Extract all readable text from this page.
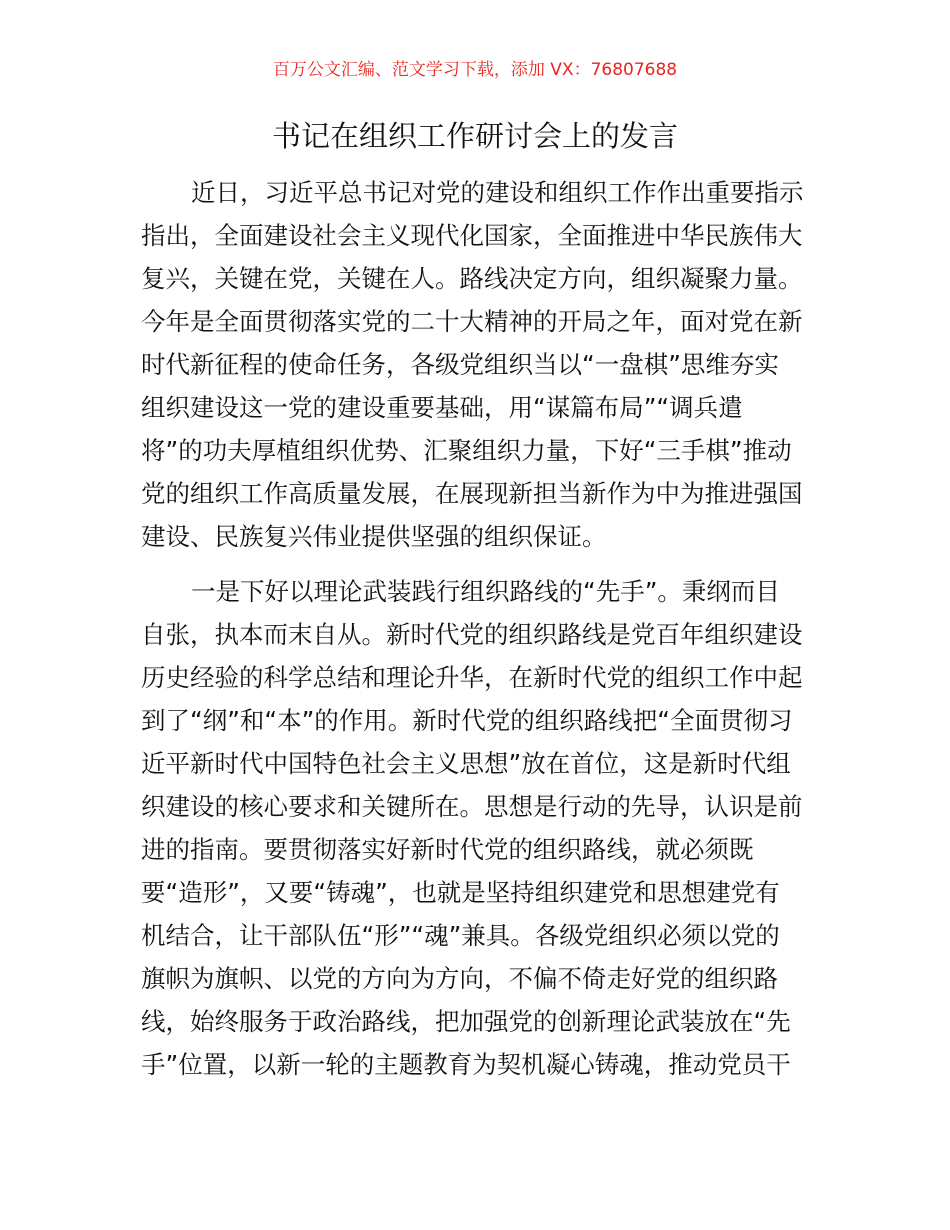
百万公文汇编、范文学习下载，添加 VX：76807688
书记在组织工作研讨会上的发言
近日，习近平总书记对党的建设和组织工作作出重要指示
指出，全面建设社会主义现代化国家，全面推进中华民族伟大
复兴，关键在党，关键在人。路线决定方向，组织凝聚力量。
今年是全面贯彻落实党的二十大精神的开局之年，面对党在新
时代新征程的使命任务，各级党组织当以“一盘棋”思维夯实
组织建设这一党的建设重要基础，用“谋篇布局”“调兵遣
将”的功夫厚植组织优势、汇聚组织力量，下好“三手棋”推动
党的组织工作高质量发展，在展现新担当新作为中为推进强国
建设、民族复兴伟业提供坚强的组织保证。
一是下好以理论武装践行组织路线的“先手”。秉纲而目
自张，执本而末自从。新时代党的组织路线是党百年组织建设
历史经验的科学总结和理论升华，在新时代党的组织工作中起
到了“纲”和“本”的作用。新时代党的组织路线把“全面贯彻习
近平新时代中国特色社会主义思想”放在首位，这是新时代组
织建设的核心要求和关键所在。思想是行动的先导，认识是前
进的指南。要贯彻落实好新时代党的组织路线，就必须既
要“造形”，又要“铸魂”，也就是坚持组织建党和思想建党有
机结合，让干部队伍“形”“魂”兼具。各级党组织必须以党的
旗帜为旗帜、以党的方向为方向，不偏不倚走好党的组织路
线，始终服务于政治路线，把加强党的创新理论武装放在“先
手”位置，以新一轮的主题教育为契机凝心铸魂，推动党员干
